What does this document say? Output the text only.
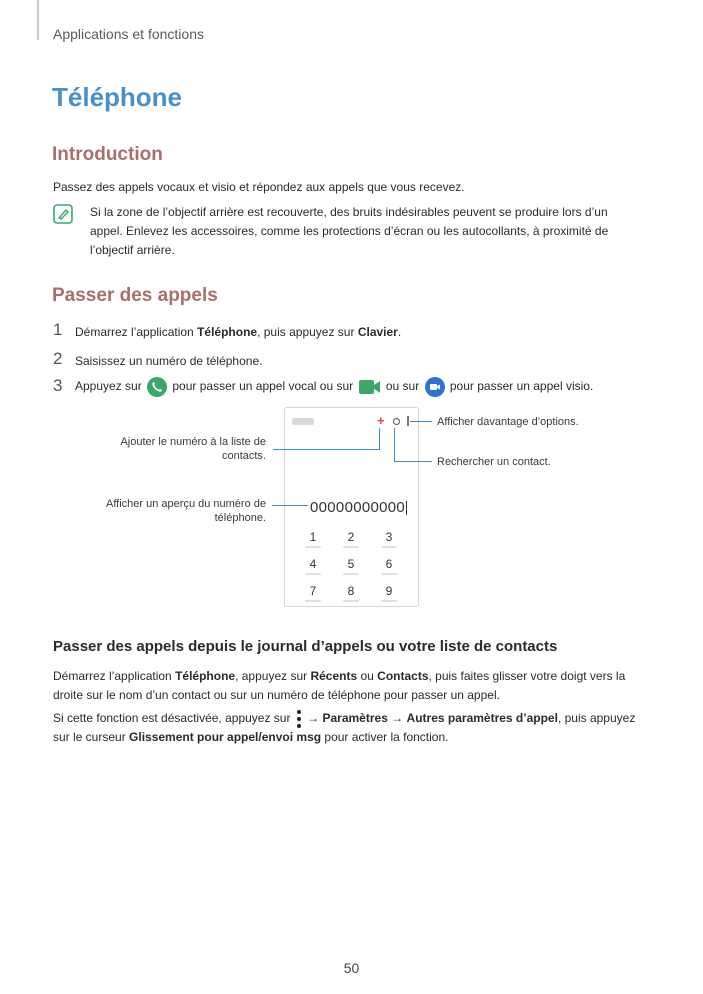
Applications et fonctions
Téléphone
Introduction
Passez des appels vocaux et visio et répondez aux appels que vous recevez.
Si la zone de l’objectif arrière est recouverte, des bruits indésirables peuvent se produire lors d’un
appel. Enlevez les accessoires, comme les protections d’écran ou les autocollants, à proximité de
l’objectif arrière.
Passer des appels
1 Démarrez l’application Téléphone, puis appuyez sur Clavier.
2 Saisissez un numéro de téléphone.
3 Appuyez sur  pour passer un appel vocal ou sur  ou sur  pour passer un appel visio.
+
00000000000
1	2	3
4	5	6
7	8	9
Ajouter le numéro à la liste de
contacts.
Afficher un aperçu du numéro de
téléphone.
Afficher davantage d’options.
Rechercher un contact.
Passer des appels depuis le journal d’appels ou votre liste de contacts
Démarrez l’application Téléphone, appuyez sur Récents ou Contacts, puis faites glisser votre doigt vers la
droite sur le nom d’un contact ou sur un numéro de téléphone pour passer un appel.
Si cette fonction est désactivée, appuyez sur
→ Paramètres → Autres paramètres d’appel, puis appuyez
sur le curseur Glissement pour appel/envoi msg pour activer la fonction.
50
